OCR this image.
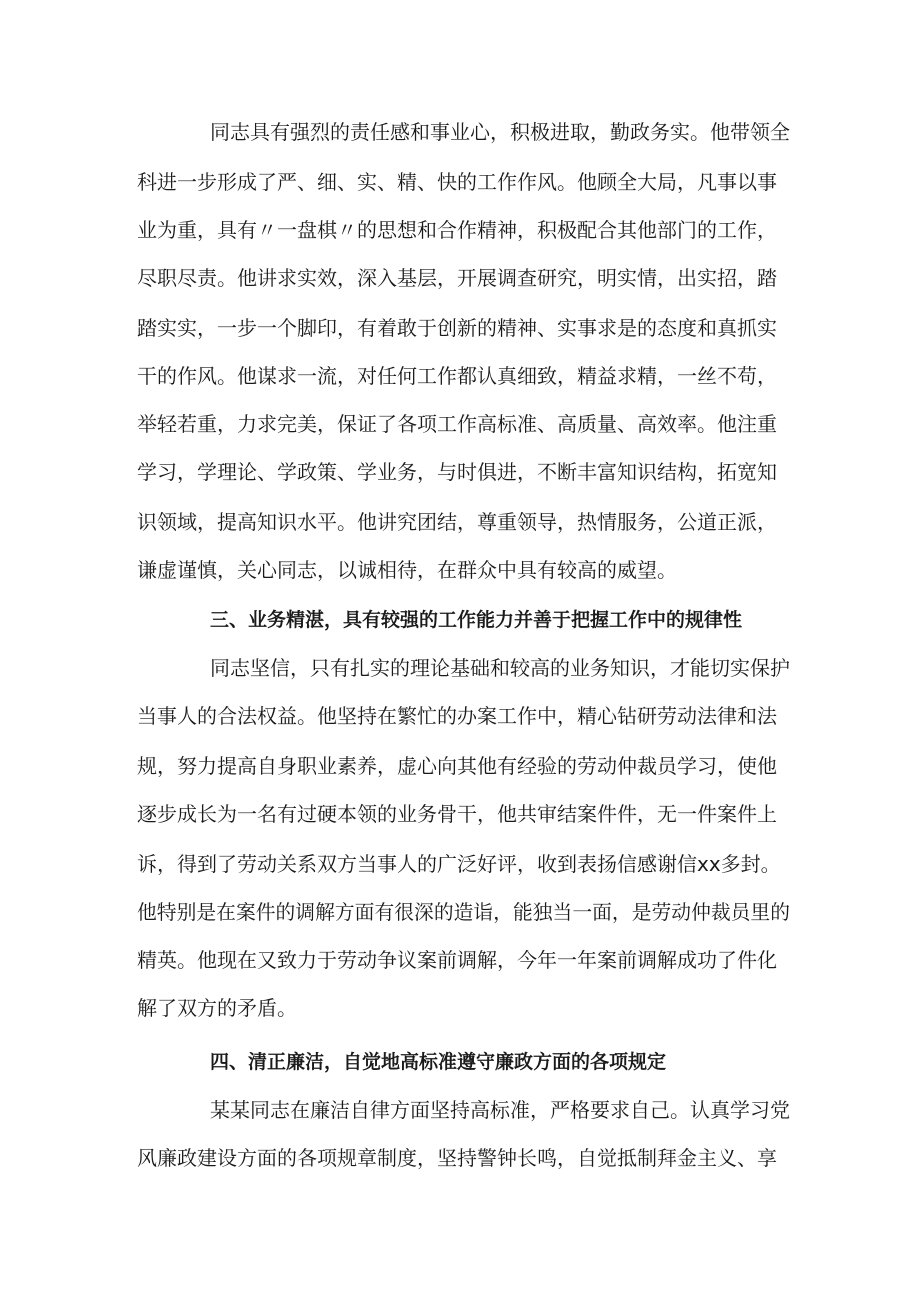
同志具有强烈的责任感和事业心，积极进取，勤政务实。他带领全
科进一步形成了严、细、实、精、快的工作作风。他顾全大局，凡事以事
业为重，具有〃一盘棋〃的思想和合作精神，积极配合其他部门的工作，
尽职尽责。他讲求实效，深入基层，开展调查研究，明实情，出实招，踏
踏实实，一步一个脚印，有着敢于创新的精神、实事求是的态度和真抓实
干的作风。他谋求一流，对任何工作都认真细致，精益求精，一丝不苟，
举轻若重，力求完美，保证了各项工作高标准、高质量、高效率。他注重
学习，学理论、学政策、学业务，与时俱进，不断丰富知识结构，拓宽知
识领域，提高知识水平。他讲究团结，尊重领导，热情服务，公道正派，
谦虚谨慎，关心同志，以诚相待，在群众中具有较高的威望。
三、业务精湛，具有较强的工作能力并善于把握工作中的规律性
同志坚信，只有扎实的理论基础和较高的业务知识，才能切实保护
当事人的合法权益。他坚持在繁忙的办案工作中，精心钻研劳动法律和法
规，努力提高自身职业素养，虚心向其他有经验的劳动仲裁员学习，使他
逐步成长为一名有过硬本领的业务骨干，他共审结案件件，无一件案件上
诉，得到了劳动关系双方当事人的广泛好评，收到表扬信感谢信xx多封。
他特别是在案件的调解方面有很深的造诣，能独当一面，是劳动仲裁员里的
精英。他现在又致力于劳动争议案前调解，今年一年案前调解成功了件化
解了双方的矛盾。
四、清正廉洁，自觉地高标准遵守廉政方面的各项规定
某某同志在廉洁自律方面坚持高标准，严格要求自己。认真学习党
风廉政建设方面的各项规章制度，坚持警钟长鸣，自觉抵制拜金主义、享
